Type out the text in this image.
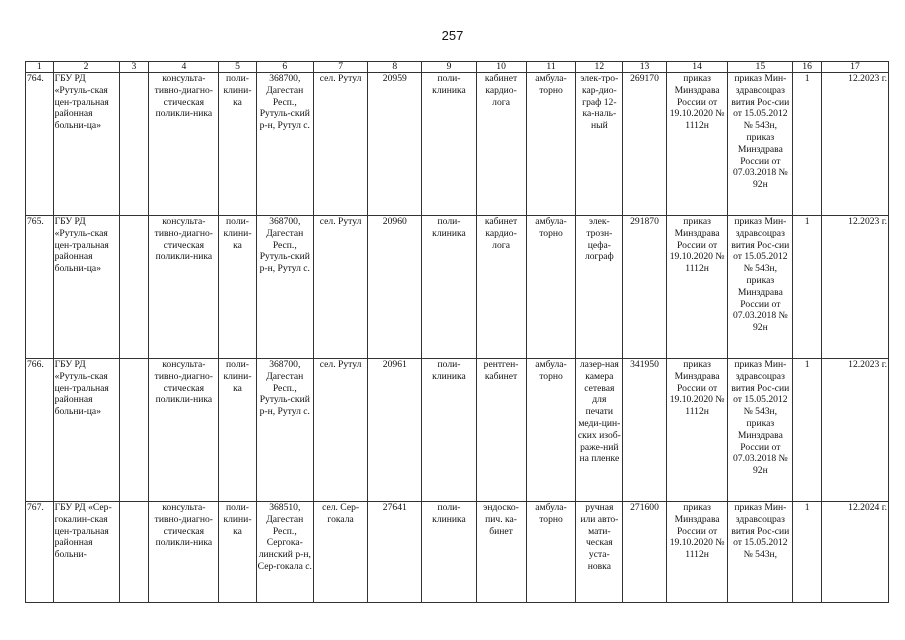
257
1	2	3	4	5	6	7	8	9	10	11	12	13	14	15	16	17
764.	ГБУ РД «Рутуль-ская цен-тральная районная больни-ца»		консульта-тивно-диагно-стическая поликли-ника	поли-клини-ка	368700, Дагестан Респ., Рутуль-ский р-н, Рутул с.	сел. Рутул	20959	поли-клиника	кабинет кардио-лога	амбула-торно	элек-тро-кар-дио-граф 12-ка-наль-ный	269170	приказ Минздрава России от 19.10.2020 № 1112н	приказ Мин-здравсоцраз вития Рос-сии от 15.05.2012 № 543н, приказ Минздрава России от 07.03.2018 № 92н	1	12.2023 г.
765.	ГБУ РД «Рутуль-ская цен-тральная районная больни-ца»		консульта-тивно-диагно-стическая поликли-ника	поли-клини-ка	368700, Дагестан Респ., Рутуль-ский р-н, Рутул с.	сел. Рутул	20960	поли-клиника	кабинет кардио-лога	амбула-торно	элек-трозн-цефа-лограф	291870	приказ Минздрава России от 19.10.2020 № 1112н	приказ Мин-здравсоцраз вития Рос-сии от 15.05.2012 № 543н, приказ Минздрава России от 07.03.2018 № 92н	1	12.2023 г.
766.	ГБУ РД «Рутуль-ская цен-тральная районная больни-ца»		консульта-тивно-диагно-стическая поликли-ника	поли-клини-ка	368700, Дагестан Респ., Рутуль-ский р-н, Рутул с.	сел. Рутул	20961	поли-клиника	рентген-кабинет	амбула-торно	лазер-ная камера сетевая для печати меди-цин-ских изоб-раже-ний на пленке	341950	приказ Минздрава России от 19.10.2020 № 1112н	приказ Мин-здравсоцраз вития Рос-сии от 15.05.2012 № 543н, приказ Минздрава России от 07.03.2018 № 92н	1	12.2023 г.
767.	ГБУ РД «Сер-гокалин-ская цен-тральная районная больни-		консульта-тивно-диагно-стическая поликли-ника	поли-клини-ка	368510, Дагестан Респ., Сергока-линский р-н, Сер-гокала с.	сел. Сер-гокала	27641	поли-клиника	эндоско-пич. ка-бинет	амбула-торно	ручная или авто-мати-ческая уста-новка	271600	приказ Минздрава России от 19.10.2020 № 1112н	приказ Мин-здравсоцраз вития Рос-сии от 15.05.2012 № 543н,	1	12.2024 г.
